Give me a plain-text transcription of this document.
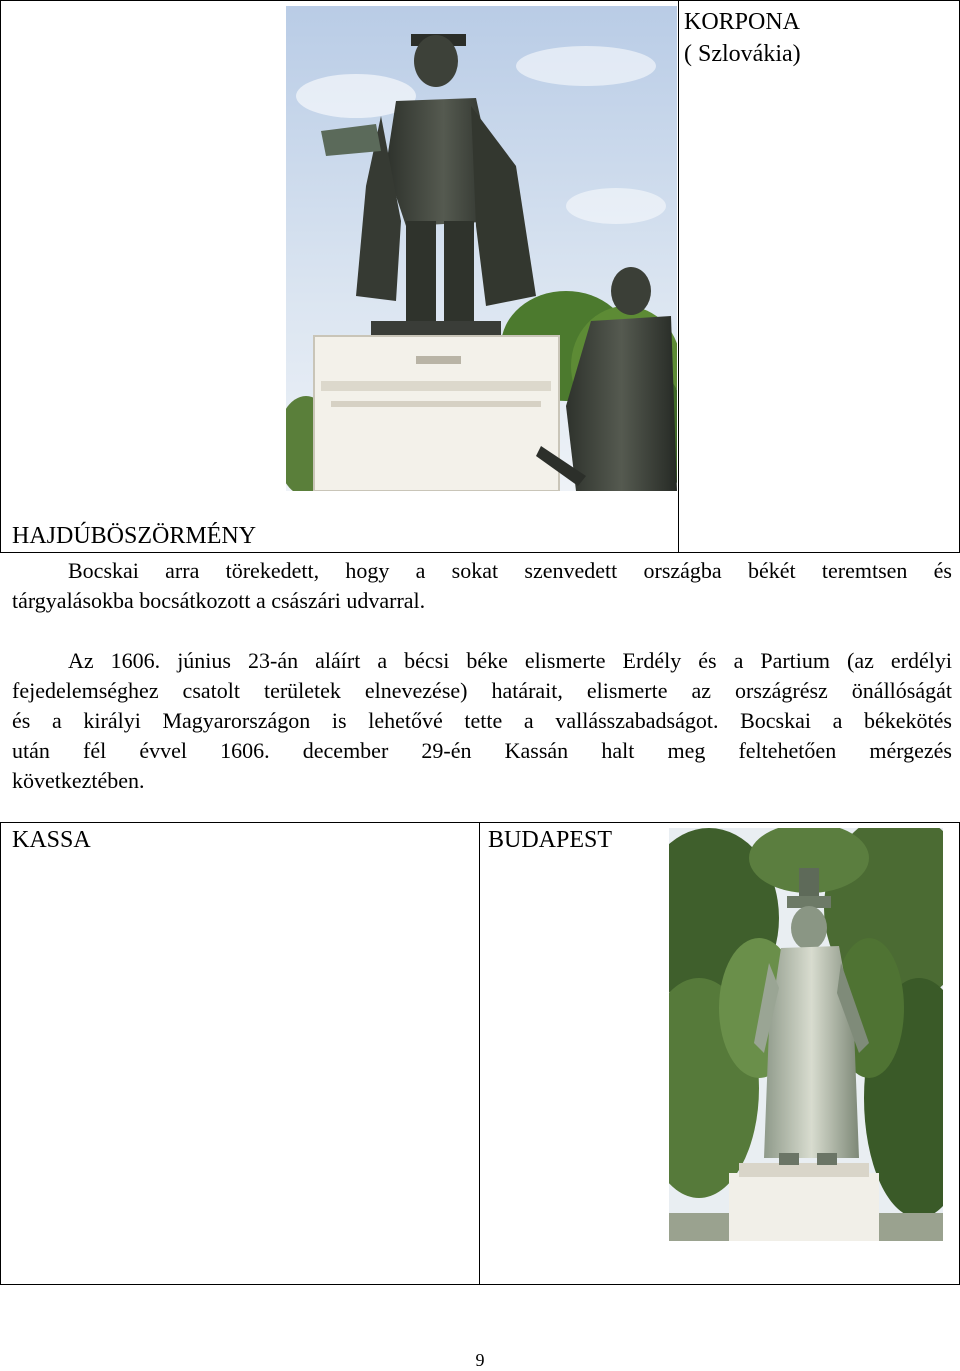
KORPONA
( Szlovákia)
HAJDÚBÖSZÖRMÉNY
Bocskai arra törekedett, hogy a sokat szenvedett országba békét teremtsen és
tárgyalásokba bocsátkozott a császári udvarral.
Az 1606. június 23-án aláírt a bécsi béke elismerte Erdély és a Partium (az erdélyi
fejedelemséghez csatolt területek elnevezése) határait, elismerte az országrész önállóságát
és a királyi Magyarországon is lehetővé tette a vallásszabadságot. Bocskai a békekötés
után fél évvel 1606. december 29-én Kassán halt meg feltehetően mérgezés
következtében.
KASSA	BUDAPEST
9
